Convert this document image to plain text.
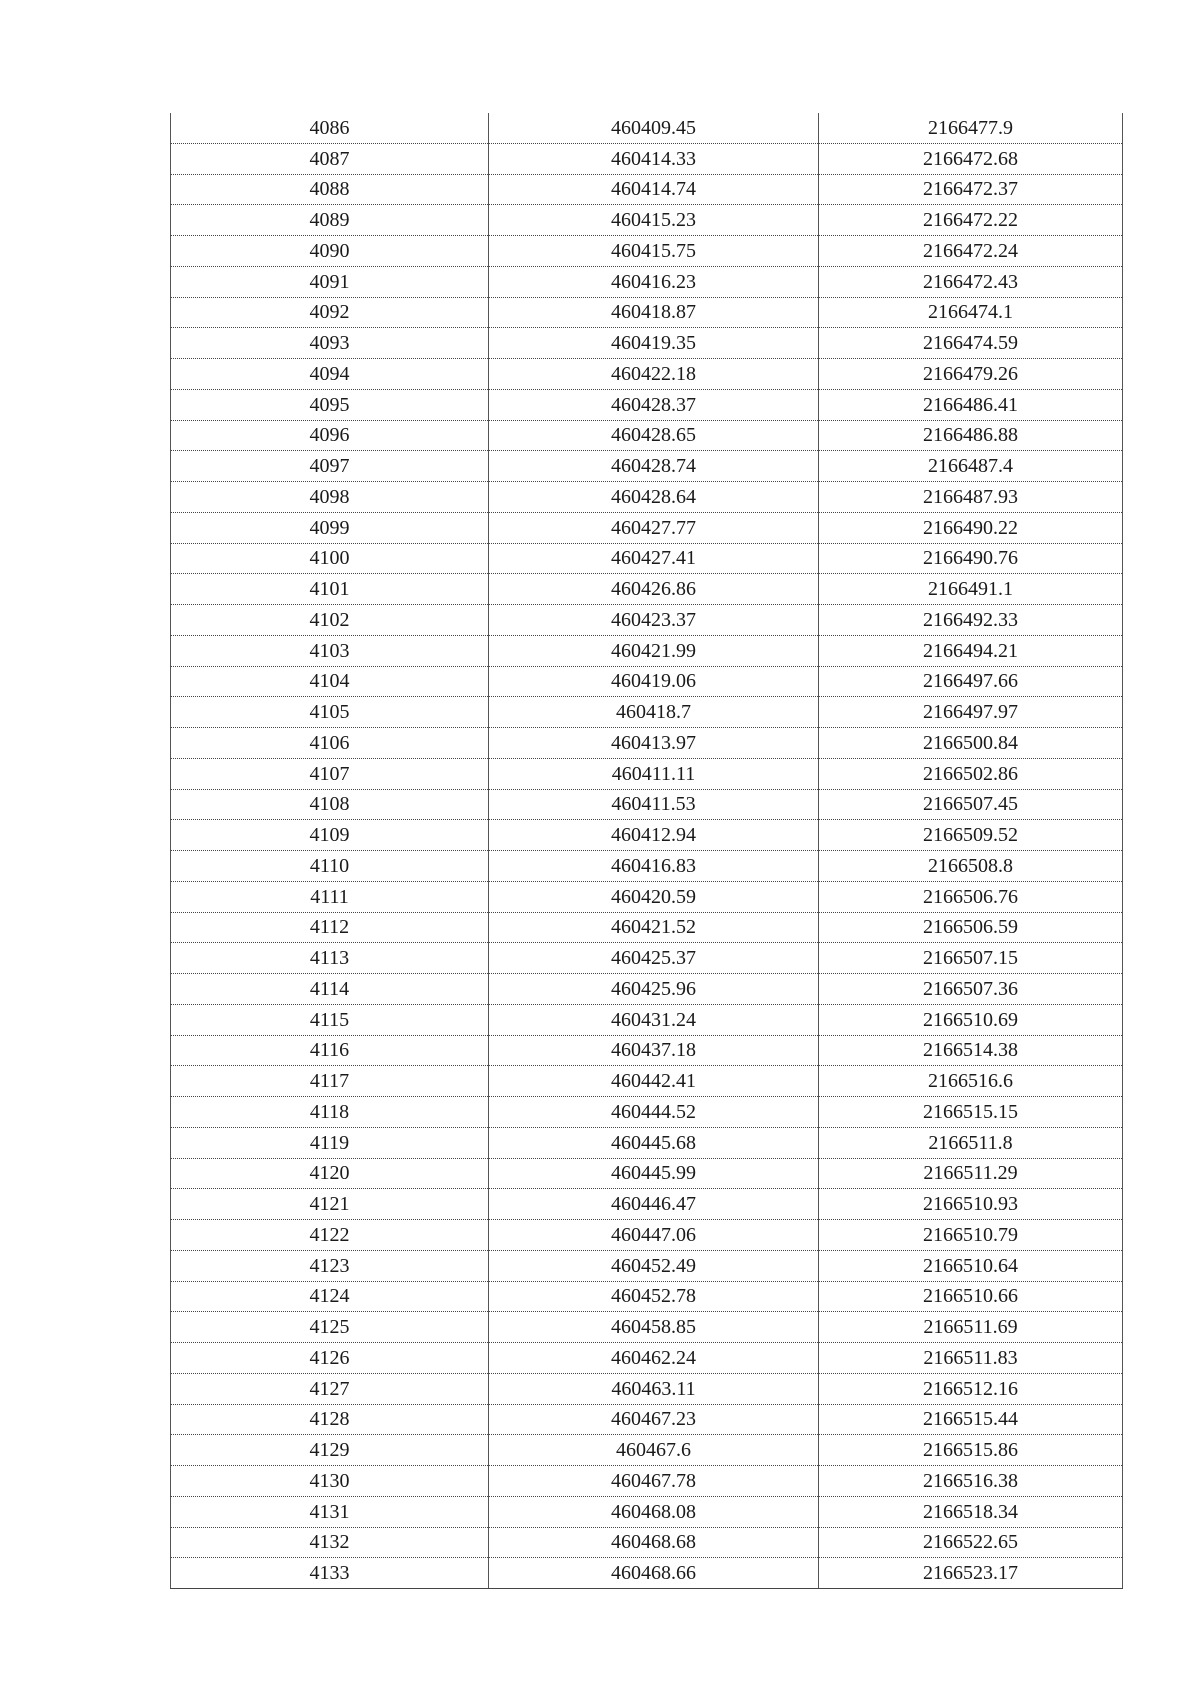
4086	460409.45	2166477.9
4087	460414.33	2166472.68
4088	460414.74	2166472.37
4089	460415.23	2166472.22
4090	460415.75	2166472.24
4091	460416.23	2166472.43
4092	460418.87	2166474.1
4093	460419.35	2166474.59
4094	460422.18	2166479.26
4095	460428.37	2166486.41
4096	460428.65	2166486.88
4097	460428.74	2166487.4
4098	460428.64	2166487.93
4099	460427.77	2166490.22
4100	460427.41	2166490.76
4101	460426.86	2166491.1
4102	460423.37	2166492.33
4103	460421.99	2166494.21
4104	460419.06	2166497.66
4105	460418.7	2166497.97
4106	460413.97	2166500.84
4107	460411.11	2166502.86
4108	460411.53	2166507.45
4109	460412.94	2166509.52
4110	460416.83	2166508.8
4111	460420.59	2166506.76
4112	460421.52	2166506.59
4113	460425.37	2166507.15
4114	460425.96	2166507.36
4115	460431.24	2166510.69
4116	460437.18	2166514.38
4117	460442.41	2166516.6
4118	460444.52	2166515.15
4119	460445.68	2166511.8
4120	460445.99	2166511.29
4121	460446.47	2166510.93
4122	460447.06	2166510.79
4123	460452.49	2166510.64
4124	460452.78	2166510.66
4125	460458.85	2166511.69
4126	460462.24	2166511.83
4127	460463.11	2166512.16
4128	460467.23	2166515.44
4129	460467.6	2166515.86
4130	460467.78	2166516.38
4131	460468.08	2166518.34
4132	460468.68	2166522.65
4133	460468.66	2166523.17
